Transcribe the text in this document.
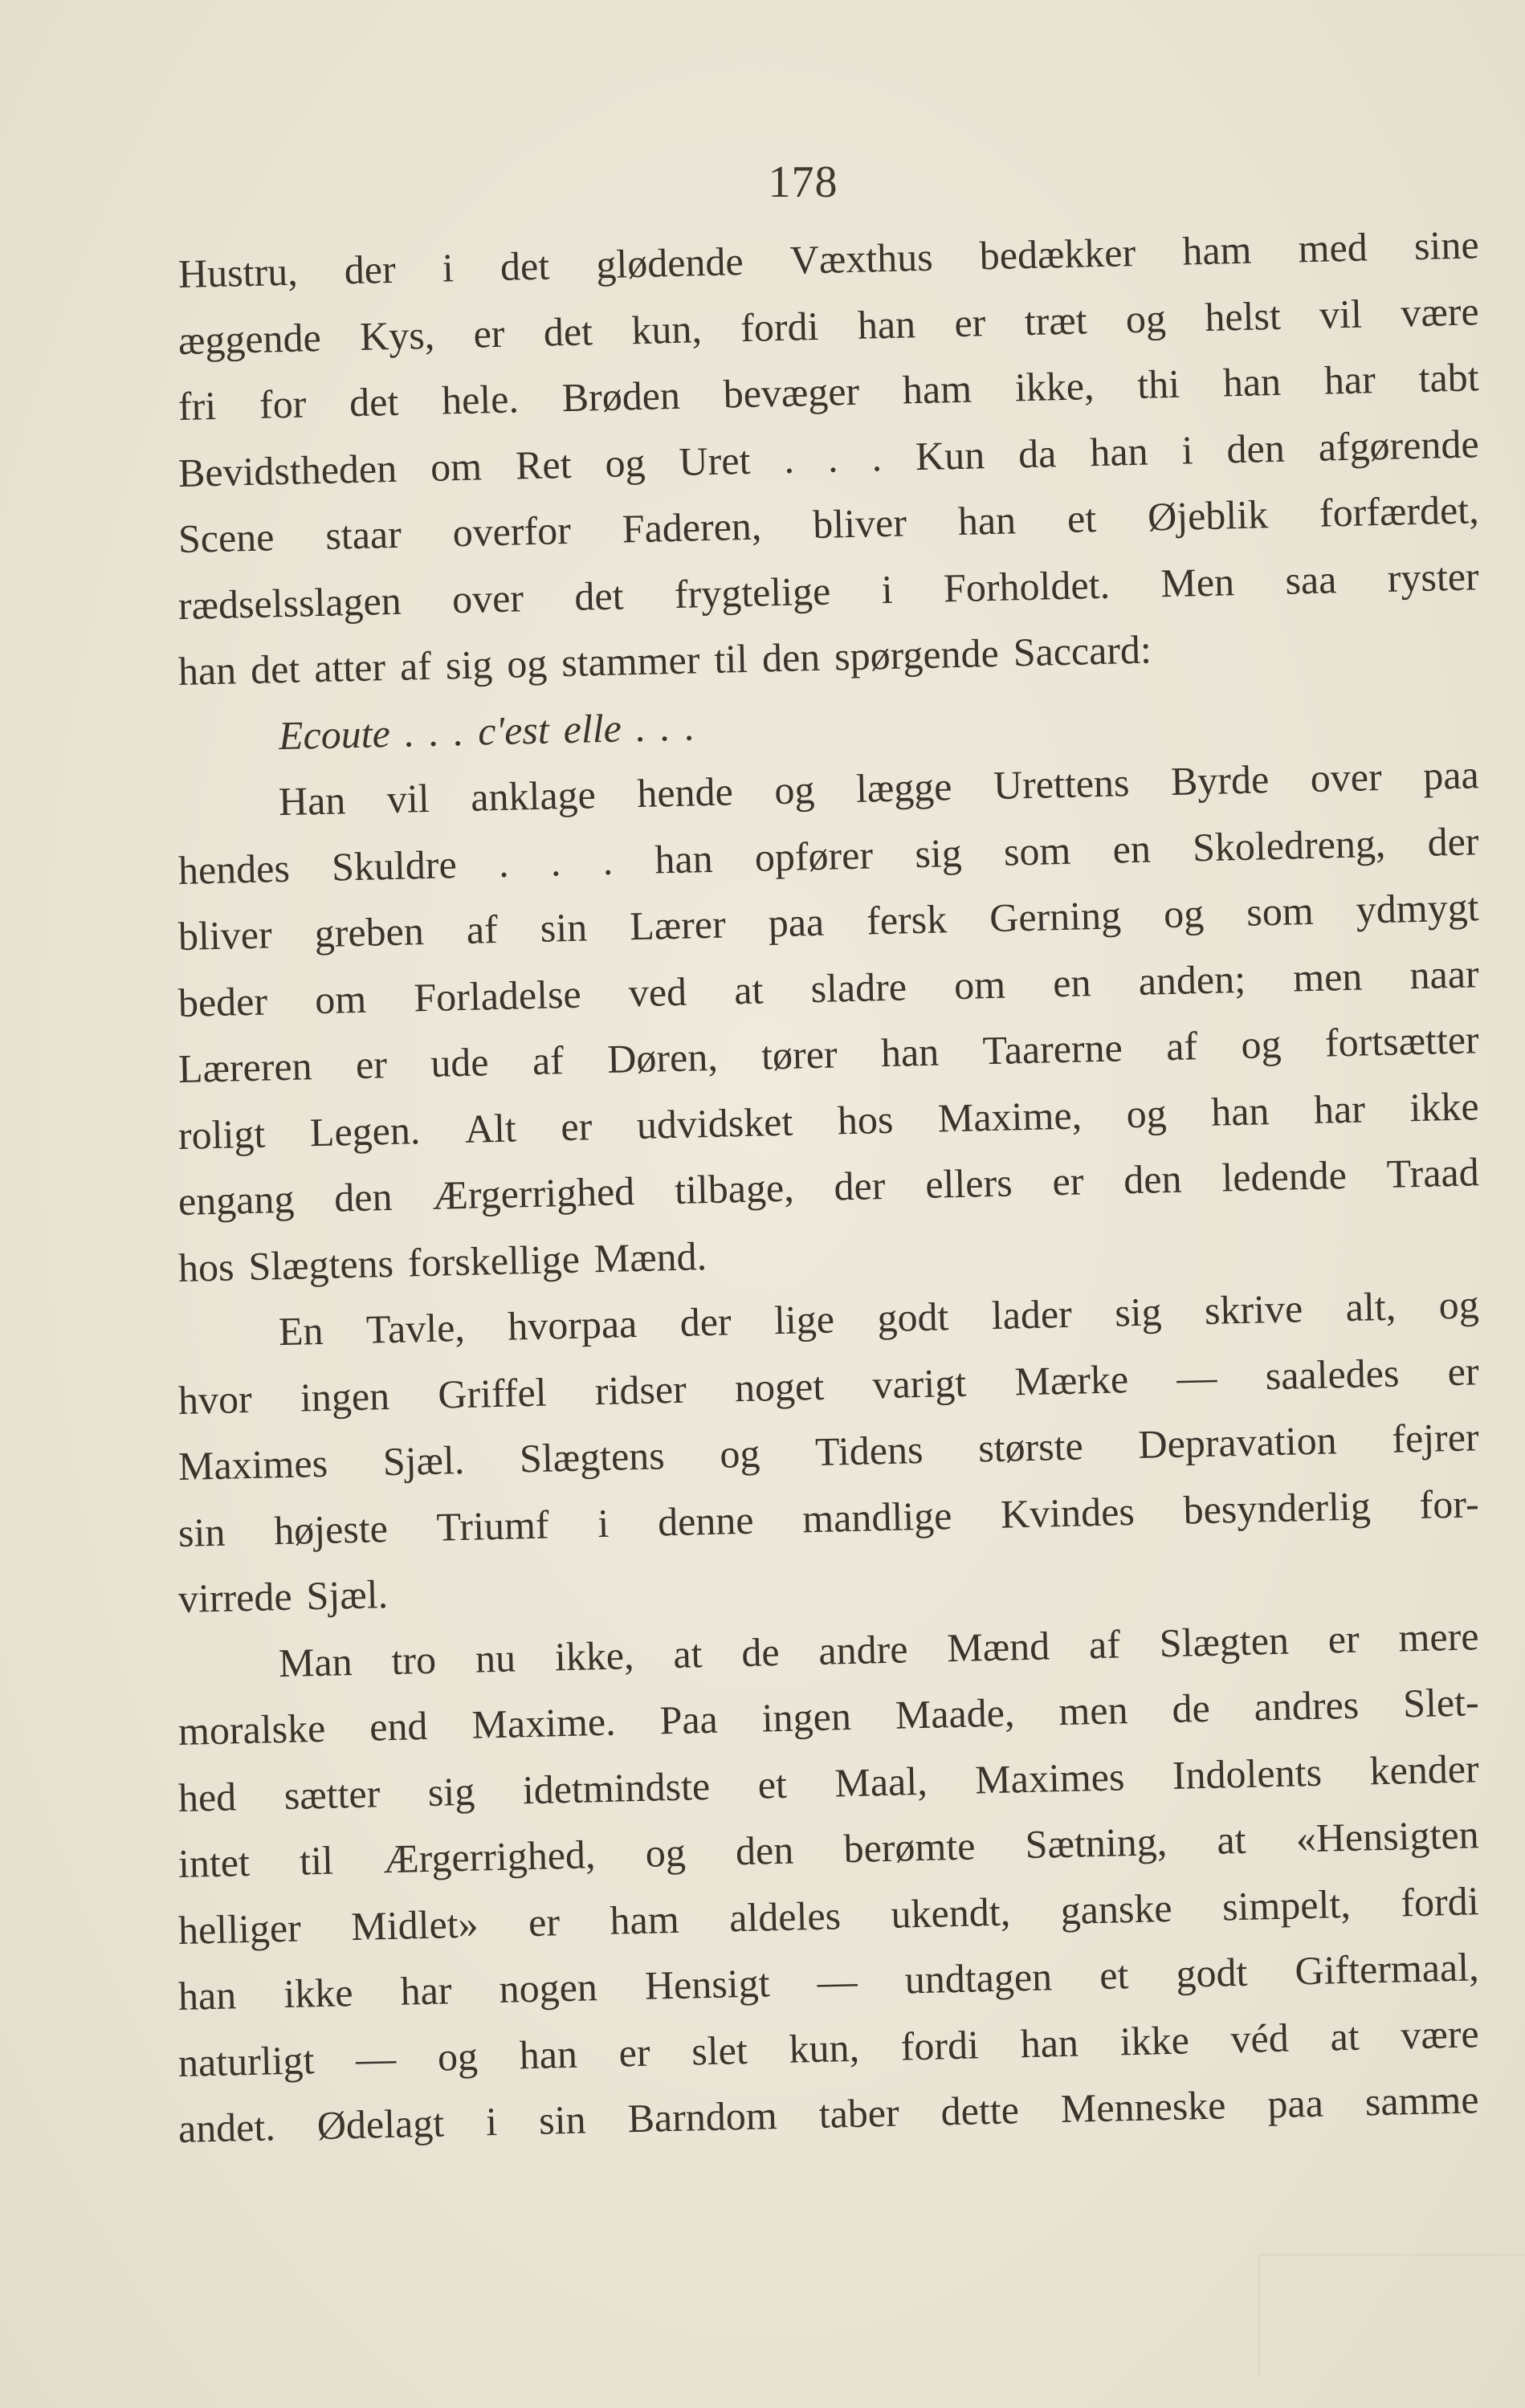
178
Hustru, der i det glødende Væxthus bedækker ham med sine
æggende Kys, er det kun, fordi han er træt og helst vil være
fri for det hele. Brøden bevæger ham ikke, thi han har tabt
Bevidstheden om Ret og Uret . . . Kun da han i den afgørende
Scene staar overfor Faderen, bliver han et Øjeblik forfærdet,
rædselsslagen over det frygtelige i Forholdet. Men saa ryster
han det atter af sig og stammer til den spørgende Saccard:
Ecoute . . . c'est elle . . .
Han vil anklage hende og lægge Urettens Byrde over paa
hendes Skuldre . . . han opfører sig som en Skoledreng, der
bliver greben af sin Lærer paa fersk Gerning og som ydmygt
beder om Forladelse ved at sladre om en anden; men naar
Læreren er ude af Døren, tører han Taarerne af og fortsætter
roligt Legen. Alt er udvidsket hos Maxime, og han har ikke
engang den Ærgerrighed tilbage, der ellers er den ledende Traad
hos Slægtens forskellige Mænd.
En Tavle, hvorpaa der lige godt lader sig skrive alt, og
hvor ingen Griffel ridser noget varigt Mærke — saaledes er
Maximes Sjæl. Slægtens og Tidens største Depravation fejrer
sin højeste Triumf i denne mandlige Kvindes besynderlig for-
virrede Sjæl.
Man tro nu ikke, at de andre Mænd af Slægten er mere
moralske end Maxime. Paa ingen Maade, men de andres Slet-
hed sætter sig idetmindste et Maal, Maximes Indolents kender
intet til Ærgerrighed, og den berømte Sætning, at «Hensigten
helliger Midlet» er ham aldeles ukendt, ganske simpelt, fordi
han ikke har nogen Hensigt — undtagen et godt Giftermaal,
naturligt — og han er slet kun, fordi han ikke véd at være
andet. Ødelagt i sin Barndom taber dette Menneske paa samme
